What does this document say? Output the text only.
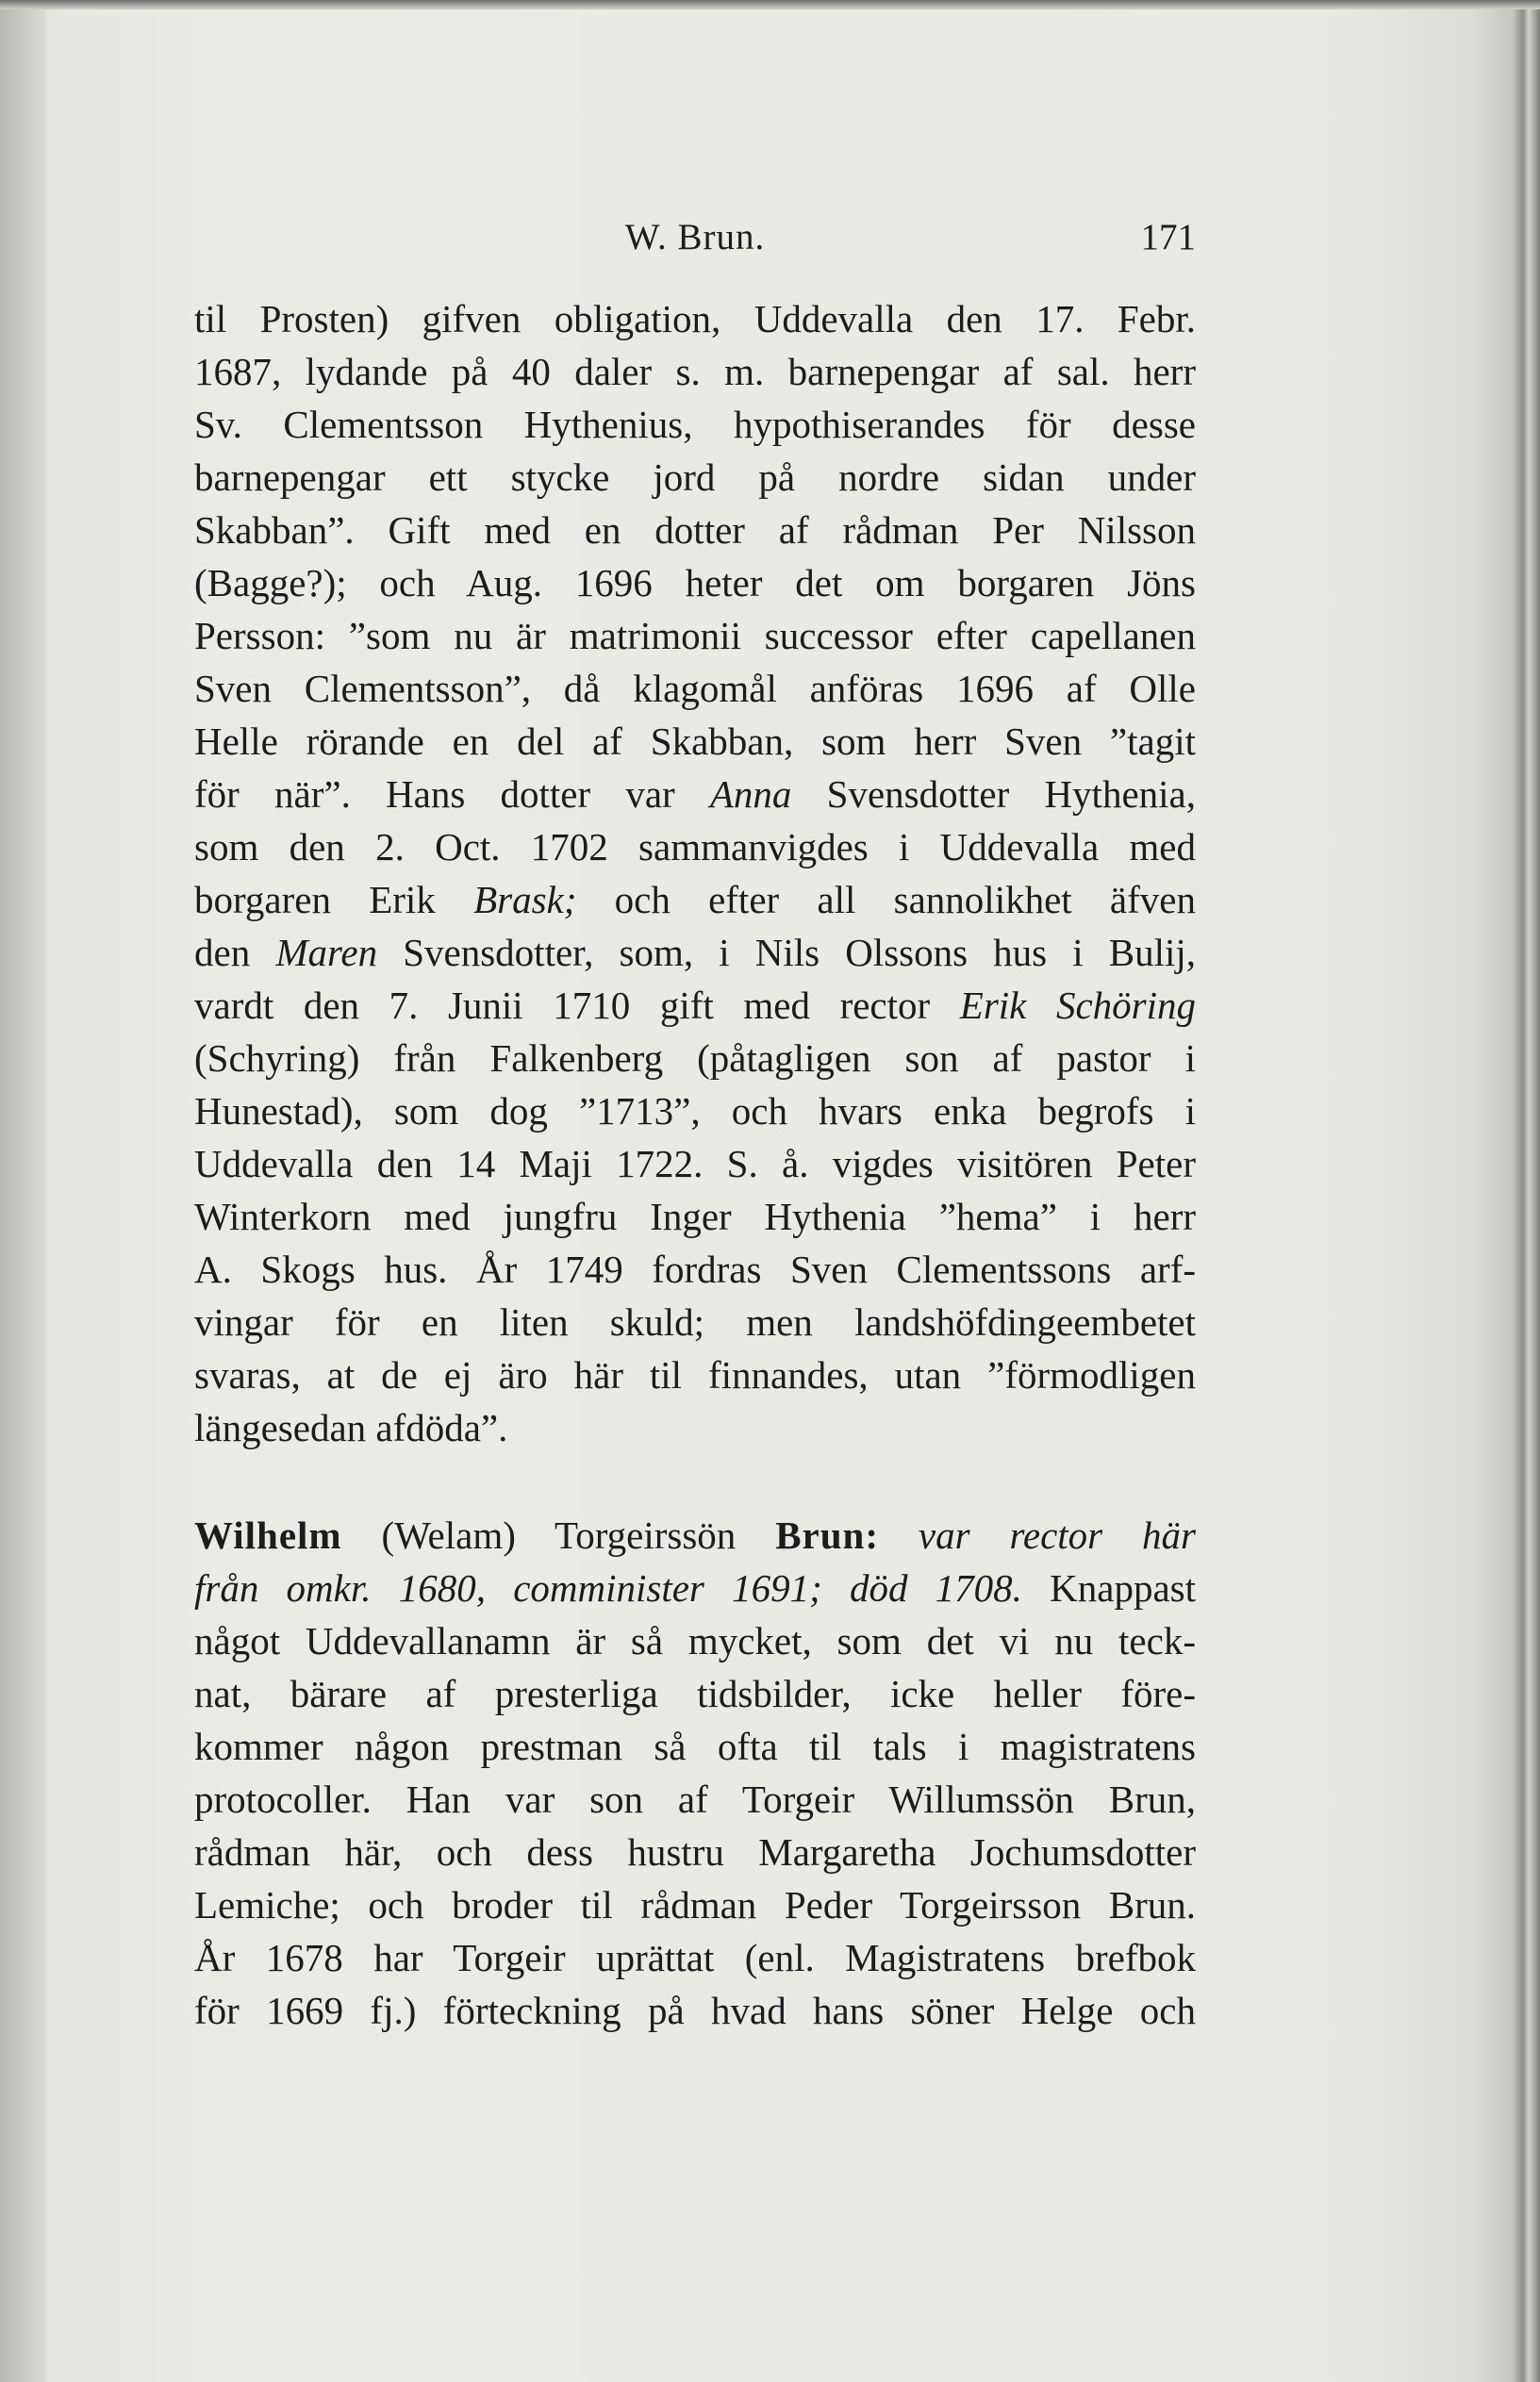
W. Brun.	171
til Prosten) gifven obligation, Uddevalla den 17. Febr.
1687, lydande på 40 daler s. m. barnepengar af sal. herr
Sv. Clementsson Hythenius, hypothiserandes för desse
barnepengar ett stycke jord på nordre sidan under
Skabban”. Gift med en dotter af rådman Per Nilsson
(Bagge?); och Aug. 1696 heter det om borgaren Jöns
Persson: ”som nu är matrimonii successor efter capellanen
Sven Clementsson”, då klagomål anföras 1696 af Olle
Helle rörande en del af Skabban, som herr Sven ”tagit
för när”. Hans dotter var Anna Svensdotter Hythenia,
som den 2. Oct. 1702 sammanvigdes i Uddevalla med
borgaren Erik Brask; och efter all sannolikhet äfven
den Maren Svensdotter, som, i Nils Olssons hus i Bulij,
vardt den 7. Junii 1710 gift med rector Erik Schöring
(Schyring) från Falkenberg (påtagligen son af pastor i
Hunestad), som dog ”1713”, och hvars enka begrofs i
Uddevalla den 14 Maji 1722. S. å. vigdes visitören Peter
Winterkorn med jungfru Inger Hythenia ”hema” i herr
A. Skogs hus. År 1749 fordras Sven Clementssons arf-
vingar för en liten skuld; men landshöfdingeembetet
svaras, at de ej äro här til finnandes, utan ”förmodligen
längesedan afdöda”.
Wilhelm (Welam) Torgeirssön Brun: var rector här
från omkr. 1680, comminister 1691; död 1708. Knappast
något Uddevallanamn är så mycket, som det vi nu teck-
nat, bärare af presterliga tidsbilder, icke heller före-
kommer någon prestman så ofta til tals i magistratens
protocoller. Han var son af Torgeir Willumssön Brun,
rådman här, och dess hustru Margaretha Jochumsdotter
Lemiche; och broder til rådman Peder Torgeirsson Brun.
År 1678 har Torgeir uprättat (enl. Magistratens brefbok
för 1669 fj.) förteckning på hvad hans söner Helge och
